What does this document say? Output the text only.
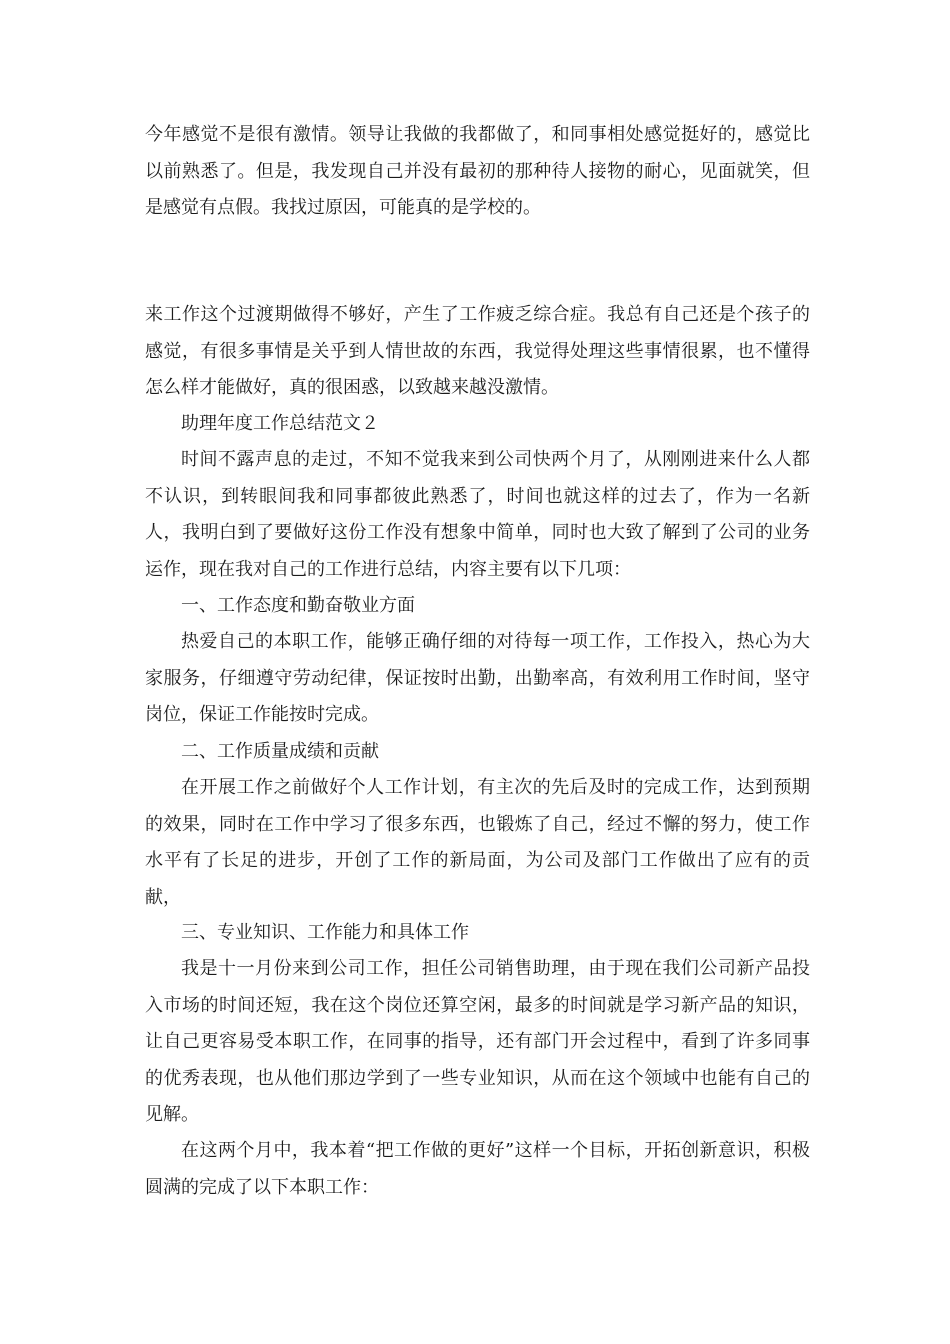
今年感觉不是很有激情。领导让我做的我都做了，和同事相处感觉挺好的，感觉比以前熟悉了。但是，我发现自己并没有最初的那种待人接物的耐心，见面就笑，但是感觉有点假。我找过原因，可能真的是学校的。

来工作这个过渡期做得不够好，产生了工作疲乏综合症。我总有自己还是个孩子的感觉，有很多事情是关乎到人情世故的东西，我觉得处理这些事情很累，也不懂得怎么样才能做好，真的很困惑，以致越来越没激情。

助理年度工作总结范文２

时间不露声息的走过，不知不觉我来到公司快两个月了，从刚刚进来什么人都不认识，到转眼间我和同事都彼此熟悉了，时间也就这样的过去了，作为一名新人，我明白到了要做好这份工作没有想象中简单，同时也大致了解到了公司的业务运作，现在我对自己的工作进行总结，内容主要有以下几项：

一、工作态度和勤奋敬业方面

热爱自己的本职工作，能够正确仔细的对待每一项工作，工作投入，热心为大家服务，仔细遵守劳动纪律，保证按时出勤，出勤率高，有效利用工作时间，坚守岗位，保证工作能按时完成。

二、工作质量成绩和贡献

在开展工作之前做好个人工作计划，有主次的先后及时的完成工作，达到预期的效果，同时在工作中学习了很多东西，也锻炼了自己，经过不懈的努力，使工作水平有了长足的进步，开创了工作的新局面，为公司及部门工作做出了应有的贡献，

三、专业知识、工作能力和具体工作

我是十一月份来到公司工作，担任公司销售助理，由于现在我们公司新产品投入市场的时间还短，我在这个岗位还算空闲，最多的时间就是学习新产品的知识，让自己更容易受本职工作，在同事的指导，还有部门开会过程中，看到了许多同事的优秀表现，也从他们那边学到了一些专业知识，从而在这个领域中也能有自己的见解。

在这两个月中，我本着“把工作做的更好”这样一个目标，开拓创新意识，积极圆满的完成了以下本职工作：
